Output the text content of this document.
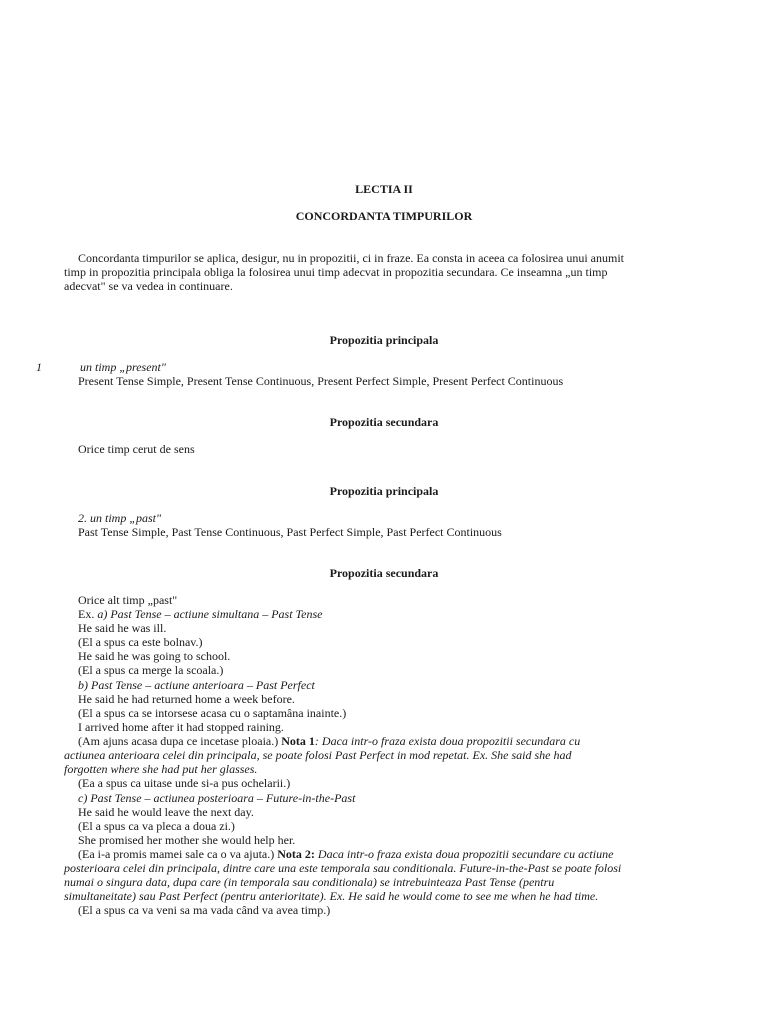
LECTIA II
CONCORDANTA TIMPURILOR
Concordanta timpurilor se aplica, desigur, nu in propozitii, ci in fraze. Ea consta in aceea ca folosirea unui anumit
timp in propozitia principala obliga la folosirea unui timp adecvat in propozitia secundara. Ce inseamna „un timp
adecvat" se va vedea in continuare.
Propozitia principala
1	un timp „present"
Present Tense Simple, Present Tense Continuous, Present Perfect Simple, Present Perfect Continuous
Propozitia secundara
Orice timp cerut de sens
Propozitia principala
2. un timp „past"
Past Tense Simple, Past Tense Continuous, Past Perfect Simple, Past Perfect Continuous
Propozitia secundara
Orice alt timp „past"
Ex. a) Past Tense – actiune simultana – Past Tense
He said he was ill.
(El a spus ca este bolnav.)
He said he was going to school.
(El a spus ca merge la scoala.)
b) Past Tense – actiune anterioara – Past Perfect
He said he had returned home a week before.
(El a spus ca se intorsese acasa cu o saptamâna inainte.)
I arrived home after it had stopped raining.
(Am ajuns acasa dupa ce incetase ploaia.) Nota 1: Daca intr-o fraza exista doua propozitii secundara cu
actiunea anterioara celei din principala, se poate folosi Past Perfect in mod repetat. Ex. She said she had
forgotten where she had put her glasses.
(Ea a spus ca uitase unde si-a pus ochelarii.)
c) Past Tense – actiunea posterioara – Future-in-the-Past
He said he would leave the next day.
(El a spus ca va pleca a doua zi.)
She promised her mother she would help her.
(Ea i-a promis mamei sale ca o va ajuta.) Nota 2: Daca intr-o fraza exista doua propozitii secundare cu actiune
posterioara celei din principala, dintre care una este temporala sau conditionala. Future-in-the-Past se poate folosi
numai o singura data, dupa care (in temporala sau conditionala) se intrebuinteaza Past Tense (pentru
simultaneitate) sau Past Perfect (pentru anterioritate). Ex. He said he would come to see me when he had time.
(El a spus ca va veni sa ma vada când va avea timp.)
